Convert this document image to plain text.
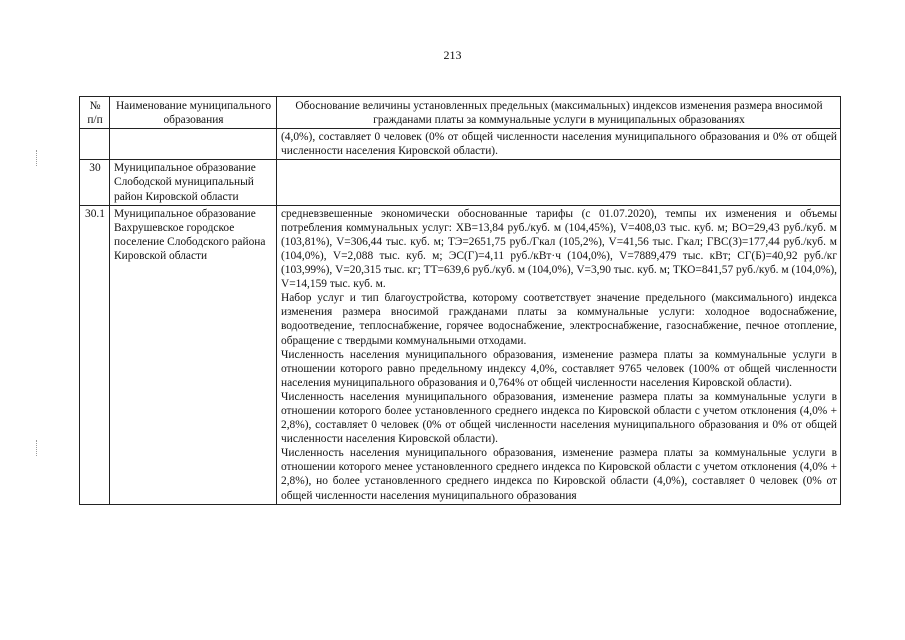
213
№ п/п	Наименование муниципального образования	Обоснование величины установленных предельных (максимальных) индексов изменения размера вносимой гражданами платы за коммунальные услуги в муниципальных образованиях

		(4,0%), составляет 0 человек (0% от общей численности населения муниципального образования и 0% от общей численности населения Кировской области).

30	Муниципальное образование Слободской муниципальный район Кировской области	
30.1	Муниципальное образование Вахрушевское городское поселение Слободского района Кировской области	средневзвешенные экономически обоснованные тарифы (с 01.07.2020), темпы их изменения и объемы потребления коммунальных услуг: ХВ=13,84 руб./куб. м (104,45%), V=408,03 тыс. куб. м; ВО=29,43 руб./куб. м (103,81%), V=306,44 тыс. куб. м; ТЭ=2651,75 руб./Гкал (105,2%), V=41,56 тыс. Гкал; ГВС(З)=177,44 руб./куб. м (104,0%), V=2,088 тыс. куб. м; ЭС(Г)=4,11 руб./кВт·ч (104,0%), V=7889,479 тыс. кВт; СГ(Б)=40,92 руб./кг (103,99%), V=20,315 тыс. кг; ТТ=639,6 руб./куб. м (104,0%), V=3,90 тыс. куб. м; ТКО=841,57 руб./куб. м (104,0%), V=14,159 тыс. куб. м.

Набор услуг и тип благоустройства, которому соответствует значение предельного (максимального) индекса изменения размера вносимой гражданами платы за коммунальные услуги: холодное водоснабжение, водоотведение, теплоснабжение, горячее водоснабжение, электроснабжение, газоснабжение, печное отопление, обращение с твердыми коммунальными отходами.

Численность населения муниципального образования, изменение размера платы за коммунальные услуги в отношении которого равно предельному индексу 4,0%, составляет 9765 человек (100% от общей численности населения муниципального образования и 0,764% от общей численности населения Кировской области).

Численность населения муниципального образования, изменение размера платы за коммунальные услуги в отношении которого более установленного среднего индекса по Кировской области с учетом отклонения (4,0% + 2,8%), составляет 0 человек (0% от общей численности населения муниципального образования и 0% от общей численности населения Кировской области).

Численность населения муниципального образования, изменение размера платы за коммунальные услуги в отношении которого менее установленного среднего индекса по Кировской области с учетом отклонения (4,0% + 2,8%), но более установленного среднего индекса по Кировской области (4,0%), составляет 0 человек (0% от общей численности населения муниципального образования
